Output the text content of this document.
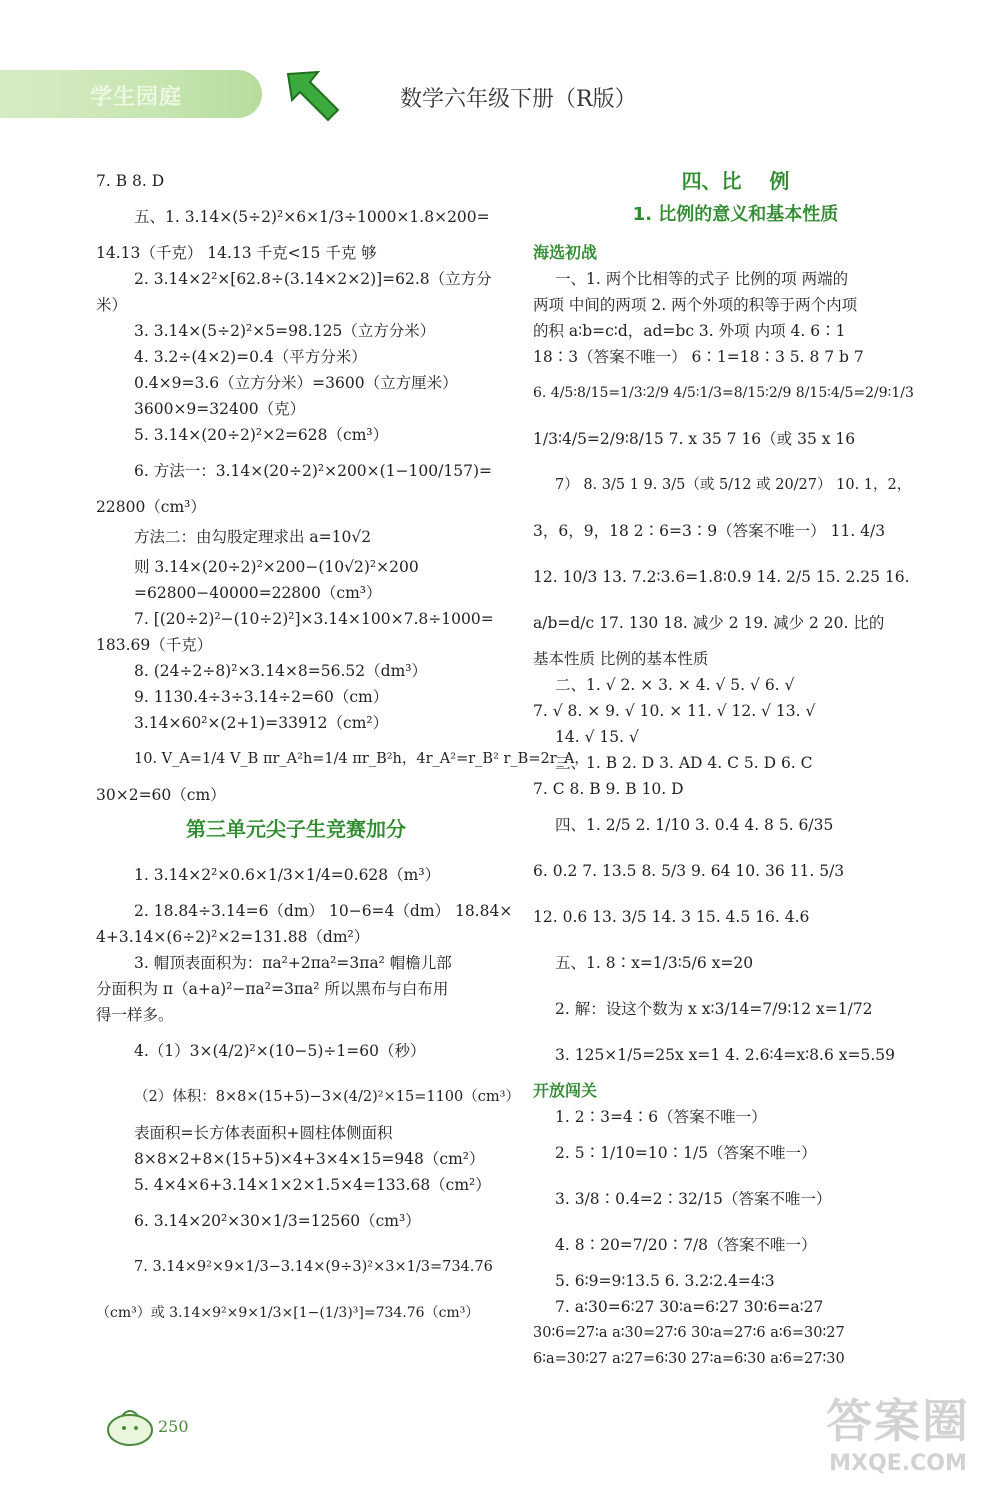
学生园庭	数学六年级下册（R版）
7. B 8. D
五、1. 3.14×(5÷2)²×6×1/3÷1000×1.8×200=
14.13（千克） 14.13 千克<15 千克 够
2. 3.14×2²×[62.8÷(3.14×2×2)]=62.8（立方分
米）
3. 3.14×(5÷2)²×5=98.125（立方分米）
4. 3.2÷(4×2)=0.4（平方分米）
0.4×9=3.6（立方分米）=3600（立方厘米）
3600×9=32400（克）
5. 3.14×(20÷2)²×2=628（cm³）
6. 方法一：3.14×(20÷2)²×200×(1−100/157)=
22800（cm³）
方法二：由勾股定理求出 a=10√2
则 3.14×(20÷2)²×200−(10√2)²×200
=62800−40000=22800（cm³）
7. [(20÷2)²−(10÷2)²]×3.14×100×7.8÷1000=
183.69（千克）
8. (24÷2÷8)²×3.14×8=56.52（dm³）
9. 1130.4÷3÷3.14÷2=60（cm）
3.14×60²×(2+1)=33912（cm²）
10. V_A=1/4 V_B πr_A²h=1/4 πr_B²h，4r_A²=r_B² r_B=2r_A，
30×2=60（cm）
第三单元尖子生竞赛加分
1. 3.14×2²×0.6×1/3×1/4=0.628（m³）
2. 18.84÷3.14=6（dm） 10−6=4（dm） 18.84×
4+3.14×(6÷2)²×2=131.88（dm²）
3. 帽顶表面积为：πa²+2πa²=3πa² 帽檐儿部
分面积为 π（a+a)²−πa²=3πa² 所以黑布与白布用
得一样多。
4.（1）3×(4/2)²×(10−5)÷1=60（秒）
（2）体积：8×8×(15+5)−3×(4/2)²×15=1100（cm³）
表面积=长方体表面积+圆柱体侧面积
8×8×2+8×(15+5)×4+3×4×15=948（cm²）
5. 4×4×6+3.14×1×2×1.5×4=133.68（cm²）
6. 3.14×20²×30×1/3=12560（cm³）
7. 3.14×9²×9×1/3−3.14×(9÷3)²×3×1/3=734.76
（cm³）或 3.14×9²×9×1/3×[1−(1/3)³]=734.76（cm³）
四、比    例
1. 比例的意义和基本性质
海选初战
一、1. 两个比相等的式子 比例的项 两端的
两项 中间的两项 2. 两个外项的积等于两个内项
的积 a∶b=c∶d，ad=bc 3. 外项 内项 4. 6∶1
18∶3（答案不唯一） 6∶1=18∶3 5. 8 7 b 7
6. 4/5∶8/15=1/3∶2/9 4/5∶1/3=8/15∶2/9 8/15∶4/5=2/9∶1/3
1/3∶4/5=2/9∶8/15 7. x 35 7 16（或 35 x 16
7） 8. 3/5 1 9. 3/5（或 5/12 或 20/27） 10. 1，2，
3，6，9，18 2∶6=3∶9（答案不唯一） 11. 4/3
12. 10/3 13. 7.2∶3.6=1.8∶0.9 14. 2/5 15. 2.25 16.
a/b=d/c 17. 130 18. 减少 2 19. 减少 2 20. 比的
基本性质 比例的基本性质
二、1. √ 2. × 3. × 4. √ 5. √ 6. √
7. √ 8. × 9. √ 10. × 11. √ 12. √ 13. √
14. √ 15. √
三、1. B 2. D 3. AD 4. C 5. D 6. C
7. C 8. B 9. B 10. D
四、1. 2/5 2. 1/10 3. 0.4 4. 8 5. 6/35
6. 0.2 7. 13.5 8. 5/3 9. 64 10. 36 11. 5/3
12. 0.6 13. 3/5 14. 3 15. 4.5 16. 4.6
五、1. 8∶x=1/3∶5/6 x=20
2. 解：设这个数为 x x∶3/14=7/9∶12 x=1/72
3. 125×1/5=25x x=1 4. 2.6∶4=x∶8.6 x=5.59
开放闯关
1. 2∶3=4∶6（答案不唯一）
2. 5∶1/10=10∶1/5（答案不唯一）
3. 3/8∶0.4=2∶32/15（答案不唯一）
4. 8∶20=7/20∶7/8（答案不唯一）
5. 6∶9=9∶13.5 6. 3.2∶2.4=4∶3
7. a∶30=6∶27 30∶a=6∶27 30∶6=a∶27
30∶6=27∶a a∶30=27∶6 30∶a=27∶6 a∶6=30∶27
6∶a=30∶27 a∶27=6∶30 27∶a=6∶30 a∶6=27∶30
250	答案圈
MXQE.COM
